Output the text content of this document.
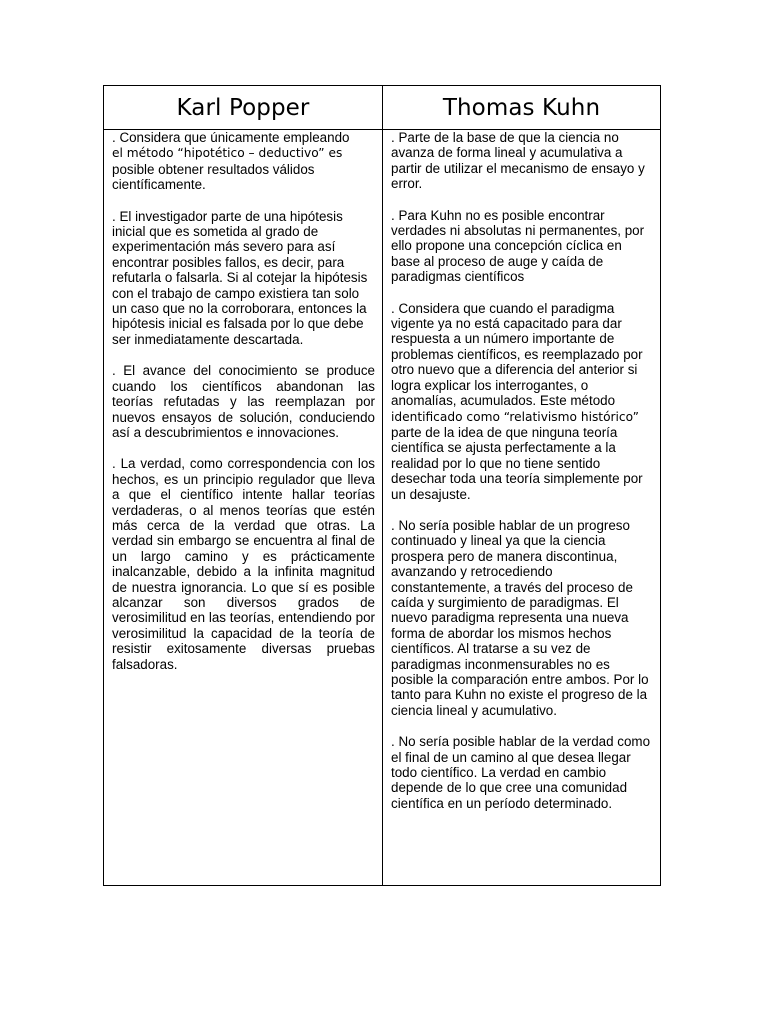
Karl Popper	Thomas Kuhn

. Considera que únicamente empleando
el método “hipotético – deductivo” es
posible obtener resultados válidos científicamente.

. El investigador parte de una hipótesis inicial que es sometida al grado de experimentación más severo para así encontrar posibles fallos, es decir, para refutarla o falsarla. Si al cotejar la hipótesis con el trabajo de campo existiera tan solo un caso que no la corroborara, entonces la hipótesis inicial es falsada por lo que debe ser inmediatamente descartada.

. El avance del conocimiento se produce cuando los científicos abandonan las teorías refutadas y las reemplazan por nuevos ensayos de solución, conduciendo así a descubrimientos e innovaciones.

. La verdad, como correspondencia con los hechos, es un principio regulador que lleva a que el científico intente hallar teorías verdaderas, o al menos teorías que estén más cerca de la verdad que otras. La verdad sin embargo se encuentra al final de un largo camino y es prácticamente inalcanzable, debido a la infinita magnitud de nuestra ignorancia. Lo que sí es posible alcanzar son diversos grados de verosimilitud en las teorías, entendiendo por verosimilitud la capacidad de la teoría de resistir exitosamente diversas pruebas falsadoras.

. Parte de la base de que la ciencia no avanza de forma lineal y acumulativa a partir de utilizar el mecanismo de ensayo y error.

. Para Kuhn no es posible encontrar verdades ni absolutas ni permanentes, por ello propone una concepción cíclica en base al proceso de auge y caída de paradigmas científicos

. Considera que cuando el paradigma vigente ya no está capacitado para dar respuesta a un número importante de problemas científicos, es reemplazado por otro nuevo que a diferencia del anterior si logra explicar los interrogantes, o anomalías, acumulados. Este método identificado como “relativismo histórico” parte de la idea de que ninguna teoría científica se ajusta perfectamente a la realidad por lo que no tiene sentido desechar toda una teoría simplemente por un desajuste.

. No sería posible hablar de un progreso continuado y lineal ya que la ciencia prospera pero de manera discontinua, avanzando y retrocediendo constantemente, a través del proceso de caída y surgimiento de paradigmas. El nuevo paradigma representa una nueva forma de abordar los mismos hechos científicos. Al tratarse a su vez de paradigmas inconmensurables no es posible la comparación entre ambos. Por lo tanto para Kuhn no existe el progreso de la ciencia lineal y acumulativo.

. No sería posible hablar de la verdad como el final de un camino al que desea llegar todo científico. La verdad en cambio depende de lo que cree una comunidad científica en un período determinado.
